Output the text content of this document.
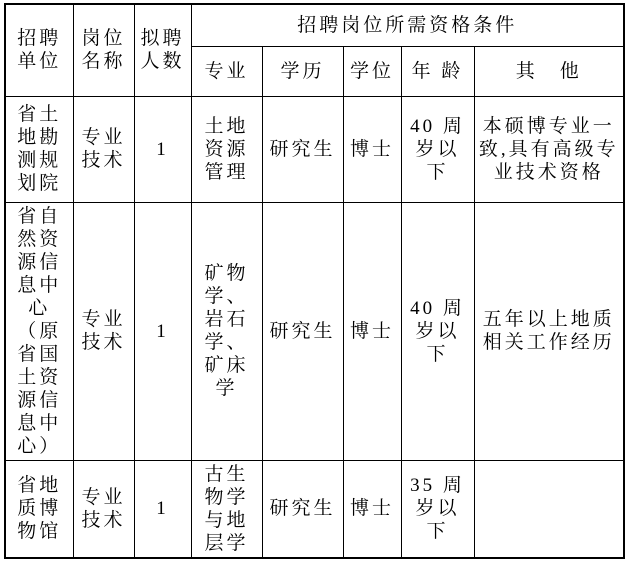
招聘单位	岗位名称	拟聘人数	招聘岗位所需资格条件				
			专业	学历	学位	年 龄	其　他
省土地勘测规划院	专业技术	1	土地资源管理	研究生	博士	40 周岁以下	本硕博专业一致,具有高级专业技术资格
省自然资源信息中心（原省国土资源信息中心）	专业技术	1	矿物学、岩石学、矿床学	研究生	博士	40 周岁以下	五年以上地质相关工作经历
省地质博物馆	专业技术	1	古生物学与地层学	研究生	博士	35 周岁以下	
